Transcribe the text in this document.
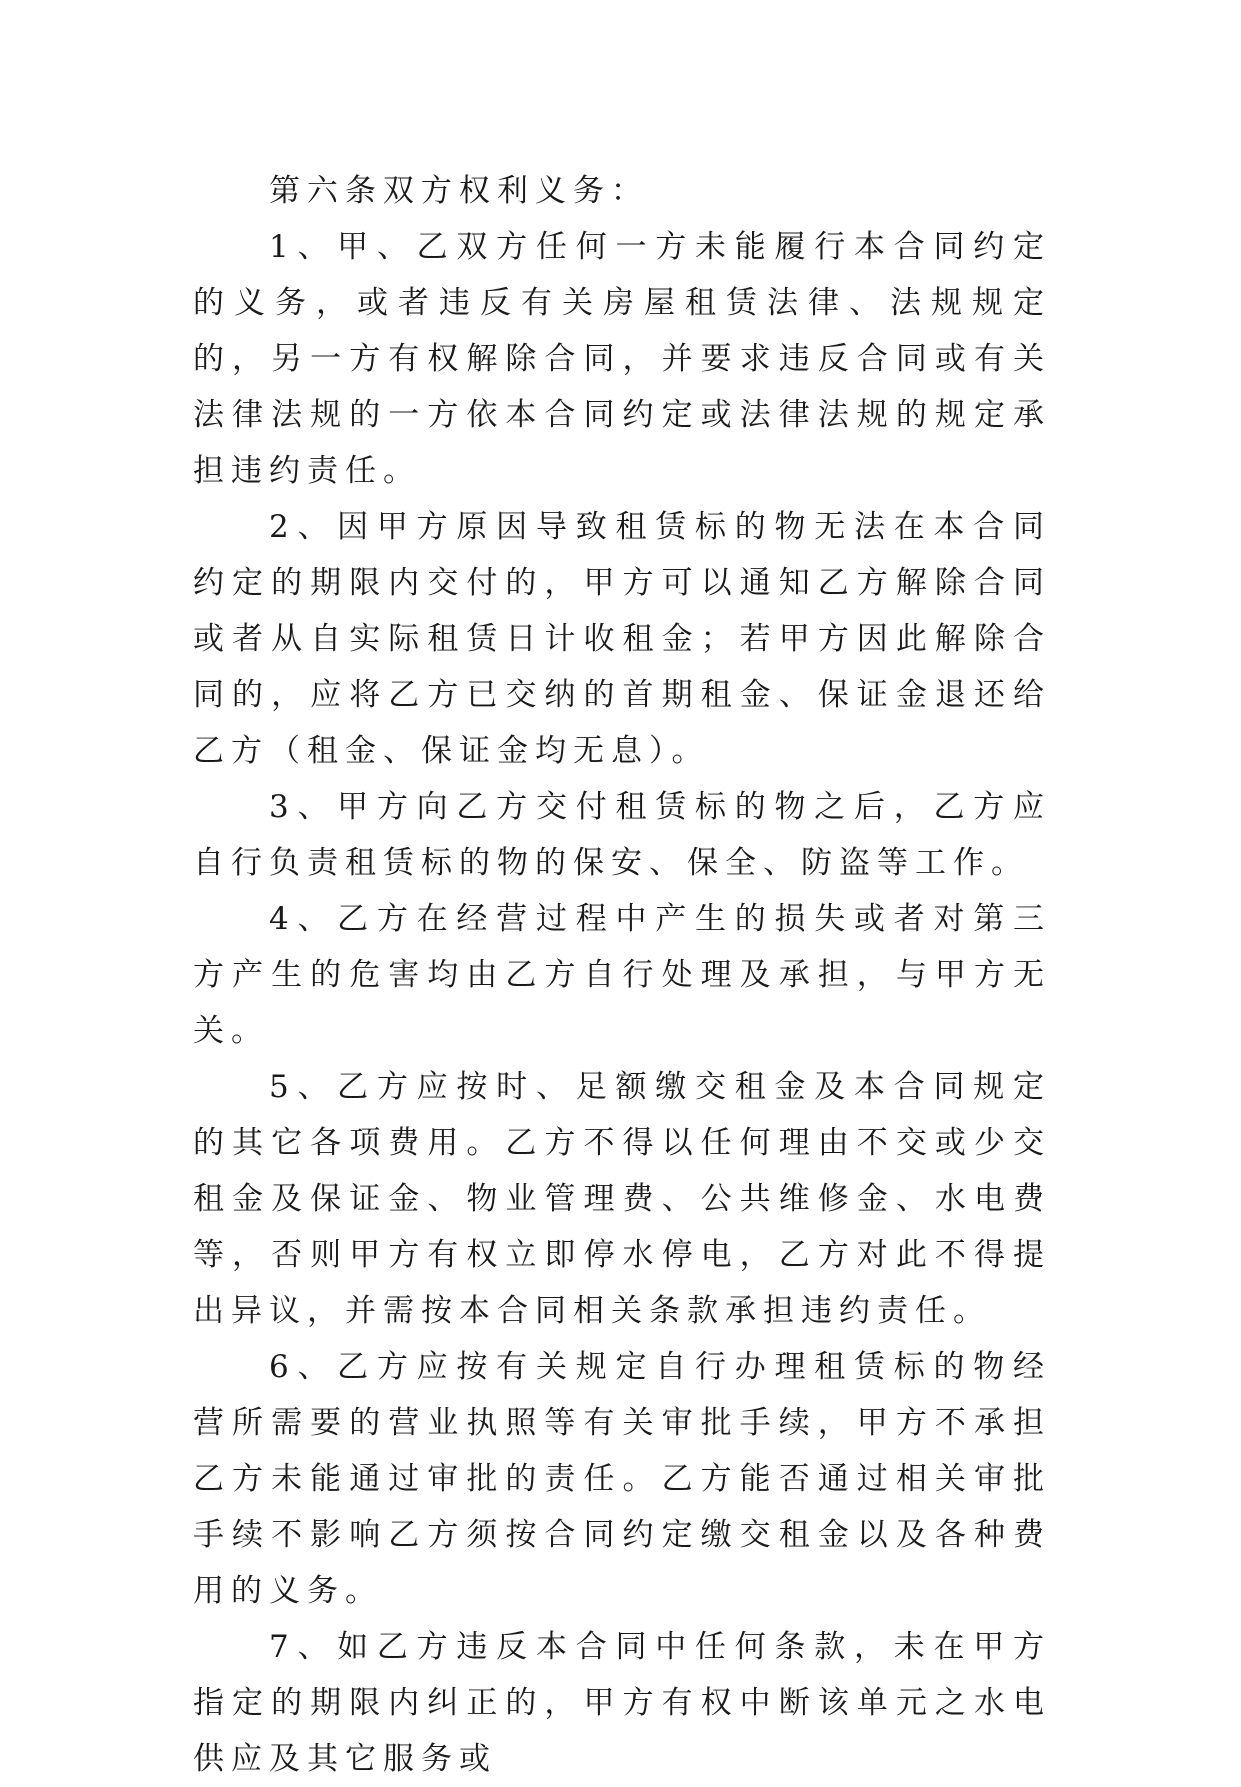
第六条双方权利义务：

1、甲、乙双方任何一方未能履行本合同约定的义务，或者违反有关房屋租赁法律、法规规定的，另一方有权解除合同，并要求违反合同或有关法律法规的一方依本合同约定或法律法规的规定承担违约责任。

2、因甲方原因导致租赁标的物无法在本合同约定的期限内交付的，甲方可以通知乙方解除合同或者从自实际租赁日计收租金；若甲方因此解除合同的，应将乙方已交纳的首期租金、保证金退还给乙方（租金、保证金均无息）。

3、甲方向乙方交付租赁标的物之后，乙方应自行负责租赁标的物的保安、保全、防盗等工作。

4、乙方在经营过程中产生的损失或者对第三方产生的危害均由乙方自行处理及承担，与甲方无关。

5、乙方应按时、足额缴交租金及本合同规定的其它各项费用。乙方不得以任何理由不交或少交租金及保证金、物业管理费、公共维修金、水电费等，否则甲方有权立即停水停电，乙方对此不得提出异议，并需按本合同相关条款承担违约责任。

6、乙方应按有关规定自行办理租赁标的物经营所需要的营业执照等有关审批手续，甲方不承担乙方未能通过审批的责任。乙方能否通过相关审批手续不影响乙方须按合同约定缴交租金以及各种费用的义务。

7、如乙方违反本合同中任何条款，未在甲方指定的期限内纠正的，甲方有权中断该单元之水电供应及其它服务或
